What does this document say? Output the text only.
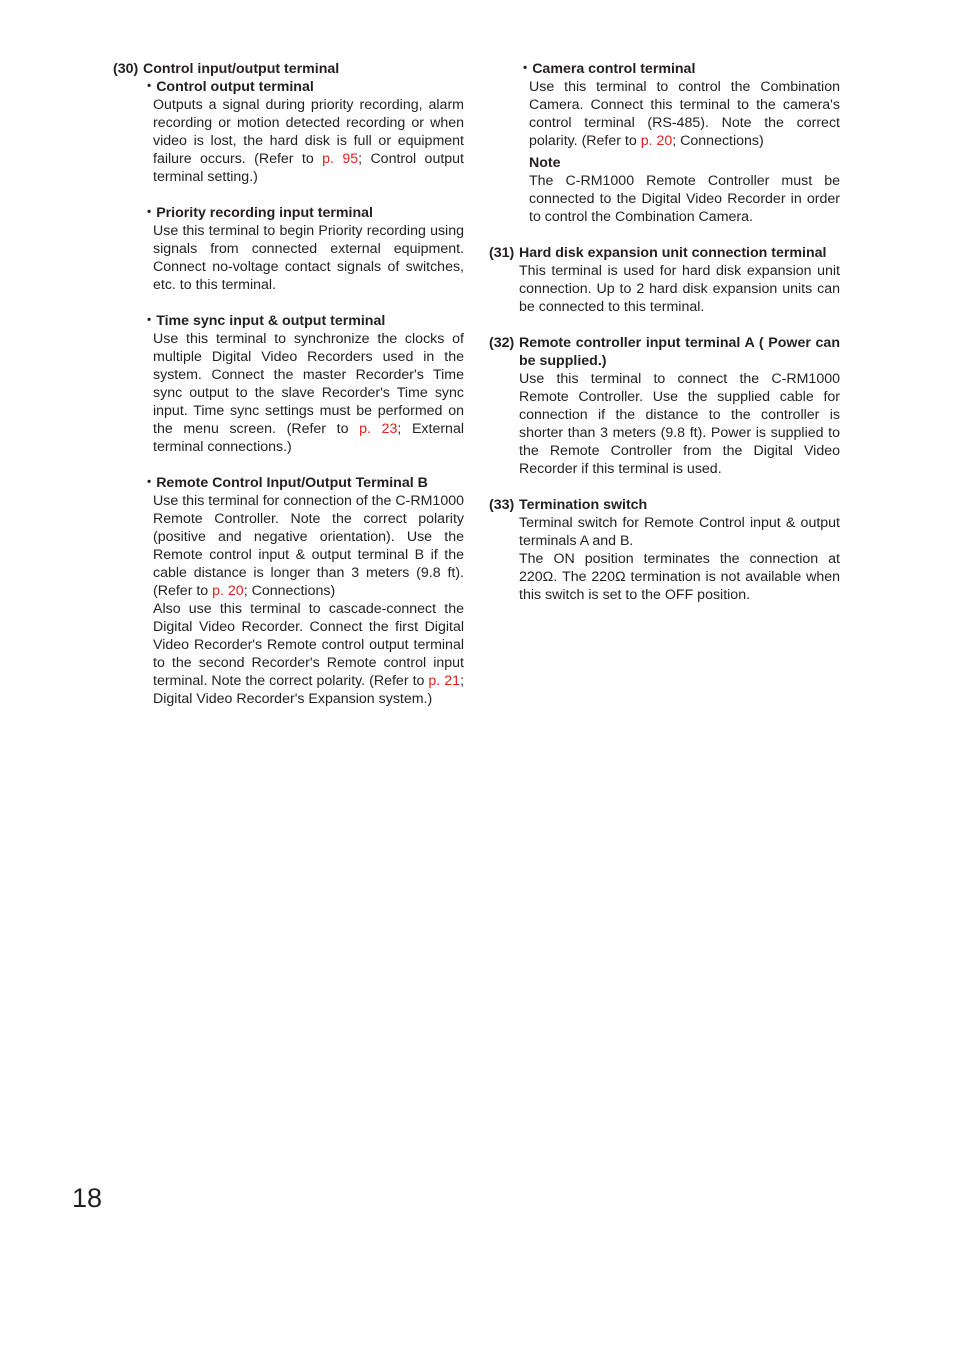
(30) Control input/output terminal
・Control output terminal

Outputs a signal during priority recording, alarm recording or motion detected recording or when video is lost, the hard disk is full or equipment failure occurs. (Refer to p. 95; Control output terminal setting.)

・Priority recording input terminal

Use this terminal to begin Priority recording using signals from connected external equipment. Connect no-voltage contact signals of switches, etc. to this terminal.

・Time sync input & output terminal

Use this terminal to synchronize the clocks of multiple Digital Video Recorders used in the system. Connect the master Recorder's Time sync output to the slave Recorder's Time sync input. Time sync settings must be performed on the menu screen. (Refer to p. 23; External terminal connections.)

・Remote Control Input/Output Terminal B

Use this terminal for connection of the C-RM1000 Remote Controller. Note the correct polarity (positive and negative orientation). Use the Remote control input & output terminal B if the cable distance is longer than 3 meters (9.8 ft). (Refer to p. 20; Connections)

Also use this terminal to cascade-connect the Digital Video Recorder. Connect the first Digital Video Recorder's Remote control output terminal to the second Recorder's Remote control input terminal. Note the correct polarity. (Refer to p. 21; Digital Video Recorder's Expansion system.)

・Camera control terminal

Use this terminal to control the Combination Camera. Connect this terminal to the camera's control terminal (RS-485). Note the correct polarity. (Refer to p. 20; Connections)

Note

The C-RM1000 Remote Controller must be connected to the Digital Video Recorder in order to control the Combination Camera.

(31) Hard disk expansion unit connection terminal

This terminal is used for hard disk expansion unit connection. Up to 2 hard disk expansion units can be connected to this terminal.

(32) Remote controller input terminal A ( Power can be supplied.)

Use this terminal to connect the C-RM1000 Remote Controller. Use the supplied cable for connection if the distance to the controller is shorter than 3 meters (9.8 ft). Power is supplied to the Remote Controller from the Digital Video Recorder if this terminal is used.

(33) Termination switch

Terminal switch for Remote Control input & output terminals A and B.

The ON position terminates the connection at 220Ω. The 220Ω termination is not available when this switch is set to the OFF position.

18
